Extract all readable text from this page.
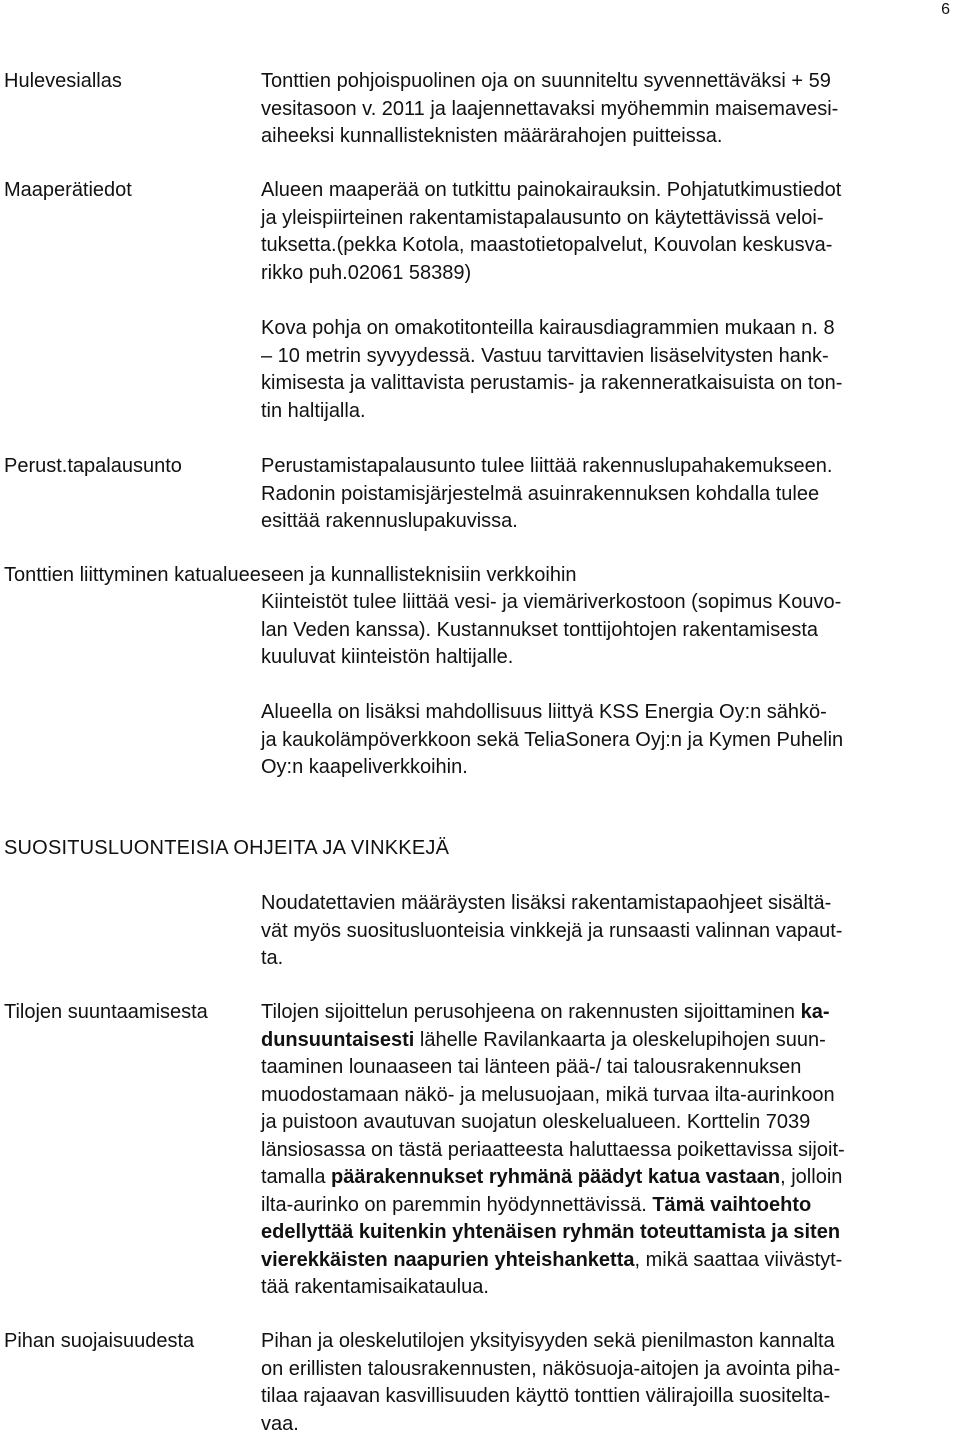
6
Hulevesiallas	Tonttien pohjoispuolinen oja on suunniteltu syvennettäväksi + 59
vesitasoon v. 2011 ja laajennettavaksi myöhemmin maisemavesi-
aiheeksi kunnallisteknisten määrärahojen puitteissa.
Maaperätiedot	Alueen maaperää on tutkittu painokairauksin. Pohjatutkimustiedot
ja yleispiirteinen rakentamistapalausunto on käytettävissä veloi-
tuksetta.(pekka Kotola, maastotietopalvelut, Kouvolan keskusva-
rikko puh.02061 58389)
Kova pohja on omakotitonteilla kairausdiagrammien mukaan n. 8
– 10 metrin syvyydessä. Vastuu tarvittavien lisäselvitysten hank-
kimisesta ja valittavista perustamis- ja rakenneratkaisuista on ton-
tin haltijalla.
Perust.tapalausunto	Perustamistapalausunto tulee liittää rakennuslupahakemukseen.
Radonin poistamisjärjestelmä asuinrakennuksen kohdalla tulee
esittää rakennuslupakuvissa.
Tonttien liittyminen katualueeseen ja kunnallisteknisiin verkkoihin
Kiinteistöt tulee liittää vesi- ja viemäriverkostoon (sopimus Kouvo-
lan Veden kanssa). Kustannukset tonttijohtojen rakentamisesta
kuuluvat kiinteistön haltijalle.
Alueella on lisäksi mahdollisuus liittyä KSS Energia Oy:n sähkö-
ja kaukolämpöverkkoon sekä TeliaSonera Oyj:n ja Kymen Puhelin
Oy:n kaapeliverkkoihin.
SUOSITUSLUONTEISIA OHJEITA JA VINKKEJÄ
Noudatettavien määräysten lisäksi rakentamistapaohjeet sisältä-
vät myös suositusluonteisia vinkkejä ja runsaasti valinnan vapaut-
ta.
Tilojen suuntaamisesta	Tilojen sijoittelun perusohjeena on rakennusten sijoittaminen ka-
dunsuuntaisesti lähelle Ravilankaarta ja oleskelupihojen suun-
taaminen lounaaseen tai länteen pää-/ tai talousrakennuksen
muodostamaan näkö- ja melusuojaan, mikä turvaa ilta-aurinkoon
ja puistoon avautuvan suojatun oleskelualueen. Korttelin 7039
länsiosassa on tästä periaatteesta haluttaessa poikettavissa sijoit-
tamalla päärakennukset ryhmänä päädyt katua vastaan, jolloin
ilta-aurinko on paremmin hyödynnettävissä. Tämä vaihtoehto
edellyttää kuitenkin yhtenäisen ryhmän toteuttamista ja siten
vierekkäisten naapurien yhteishanketta, mikä saattaa viivästyt-
tää rakentamisaikataulua.
Pihan suojaisuudesta	Pihan ja oleskelutilojen yksityisyyden sekä pienilmaston kannalta
on erillisten talousrakennusten, näkösuoja-aitojen ja avointa piha-
tilaa rajaavan kasvillisuuden käyttö tonttien välirajoilla suositelta-
vaa.
